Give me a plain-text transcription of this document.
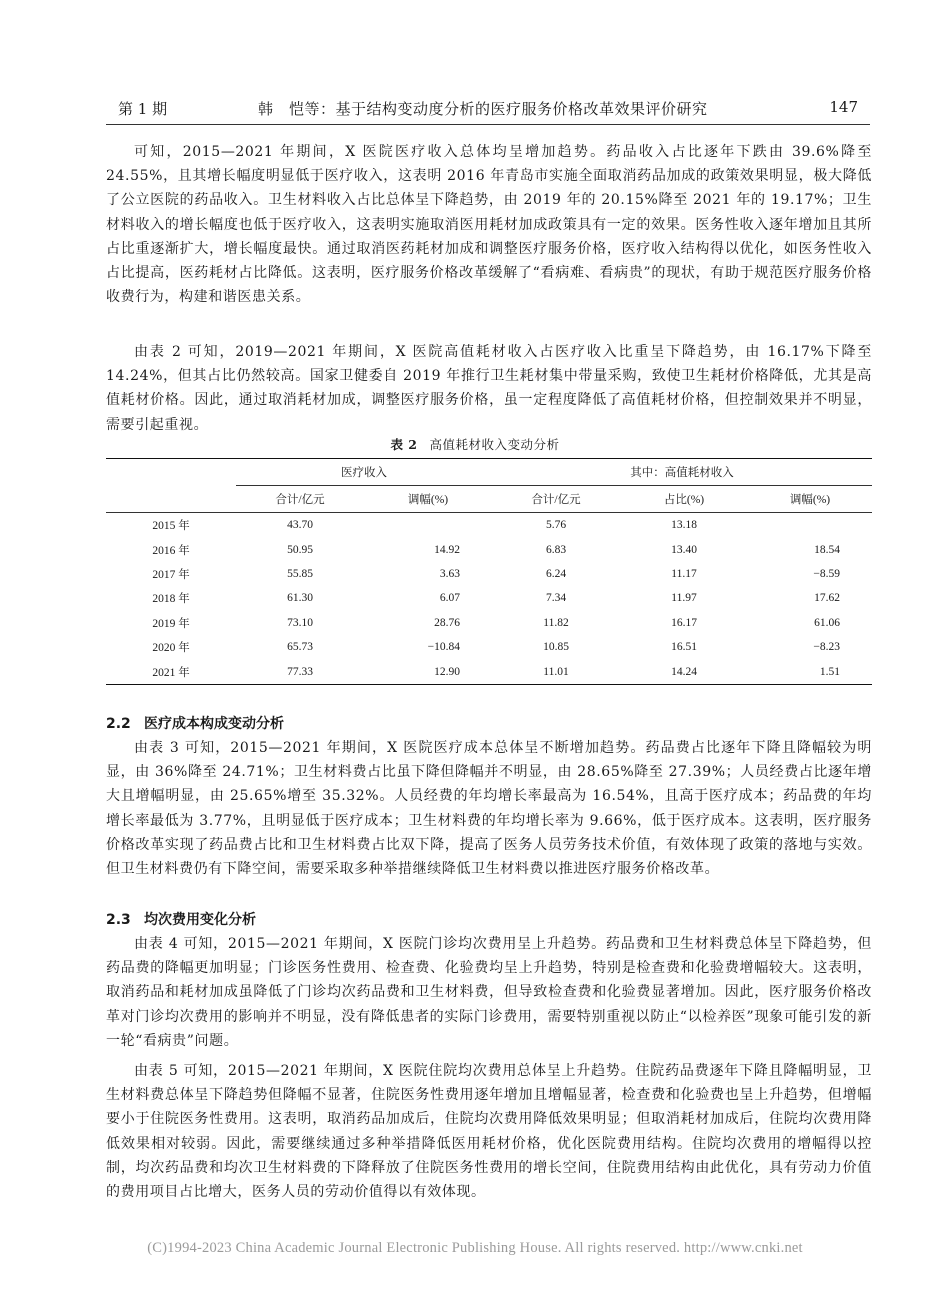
第 1 期	韩　恺等：基于结构变动度分析的医疗服务价格改革效果评价研究	147

可知，2015—2021 年期间，X 医院医疗收入总体均呈增加趋势。药品收入占比逐年下跌由 39.6%降至 24.55%，且其增长幅度明显低于医疗收入，这表明 2016 年青岛市实施全面取消药品加成的政策效果明显，极大降低了公立医院的药品收入。卫生材料收入占比总体呈下降趋势，由 2019 年的 20.15%降至 2021 年的 19.17%；卫生材料收入的增长幅度也低于医疗收入，这表明实施取消医用耗材加成政策具有一定的效果。医务性收入逐年增加且其所占比重逐渐扩大，增长幅度最快。通过取消医药耗材加成和调整医疗服务价格，医疗收入结构得以优化，如医务性收入占比提高，医药耗材占比降低。这表明，医疗服务价格改革缓解了“看病难、看病贵”的现状，有助于规范医疗服务价格收费行为，构建和谐医患关系。

由表 2 可知，2019—2021 年期间，X 医院高值耗材收入占医疗收入比重呈下降趋势，由 16.17%下降至 14.24%，但其占比仍然较高。国家卫健委自 2019 年推行卫生耗材集中带量采购，致使卫生耗材价格降低，尤其是高值耗材价格。因此，通过取消耗材加成，调整医疗服务价格，虽一定程度降低了高值耗材价格，但控制效果并不明显，需要引起重视。

表 2 高值耗材收入变动分析
	医疗收入		其中：高值耗材收入		
	合计/亿元	调幅(%)	合计/亿元	占比(%)	调幅(%)
2015 年	43.70		5.76	13.18	
2016 年	50.95	14.92	6.83	13.40	18.54
2017 年	55.85	3.63	6.24	11.17	−8.59
2018 年	61.30	6.07	7.34	11.97	17.62
2019 年	73.10	28.76	11.82	16.17	61.06
2020 年	65.73	−10.84	10.85	16.51	−8.23
2021 年	77.33	12.90	11.01	14.24	1.51
2.2 医疗成本构成变动分析

由表 3 可知，2015—2021 年期间，X 医院医疗成本总体呈不断增加趋势。药品费占比逐年下降且降幅较为明显，由 36%降至 24.71%；卫生材料费占比虽下降但降幅并不明显，由 28.65%降至 27.39%；人员经费占比逐年增大且增幅明显，由 25.65%增至 35.32%。人员经费的年均增长率最高为 16.54%，且高于医疗成本；药品费的年均增长率最低为 3.77%，且明显低于医疗成本；卫生材料费的年均增长率为 9.66%，低于医疗成本。这表明，医疗服务价格改革实现了药品费占比和卫生材料费占比双下降，提高了医务人员劳务技术价值，有效体现了政策的落地与实效。但卫生材料费仍有下降空间，需要采取多种举措继续降低卫生材料费以推进医疗服务价格改革。

2.3 均次费用变化分析

由表 4 可知，2015—2021 年期间，X 医院门诊均次费用呈上升趋势。药品费和卫生材料费总体呈下降趋势，但药品费的降幅更加明显；门诊医务性费用、检查费、化验费均呈上升趋势，特别是检查费和化验费增幅较大。这表明，取消药品和耗材加成虽降低了门诊均次药品费和卫生材料费，但导致检查费和化验费显著增加。因此，医疗服务价格改革对门诊均次费用的影响并不明显，没有降低患者的实际门诊费用，需要特别重视以防止“以检养医”现象可能引发的新一轮“看病贵”问题。

由表 5 可知，2015—2021 年期间，X 医院住院均次费用总体呈上升趋势。住院药品费逐年下降且降幅明显，卫生材料费总体呈下降趋势但降幅不显著，住院医务性费用逐年增加且增幅显著，检查费和化验费也呈上升趋势，但增幅要小于住院医务性费用。这表明，取消药品加成后，住院均次费用降低效果明显；但取消耗材加成后，住院均次费用降低效果相对较弱。因此，需要继续通过多种举措降低医用耗材价格，优化医院费用结构。住院均次费用的增幅得以控制，均次药品费和均次卫生材料费的下降释放了住院医务性费用的增长空间，住院费用结构由此优化，具有劳动力价值的费用项目占比增大，医务人员的劳动价值得以有效体现。

(C)1994-2023 China Academic Journal Electronic Publishing House. All rights reserved. http://www.cnki.net
